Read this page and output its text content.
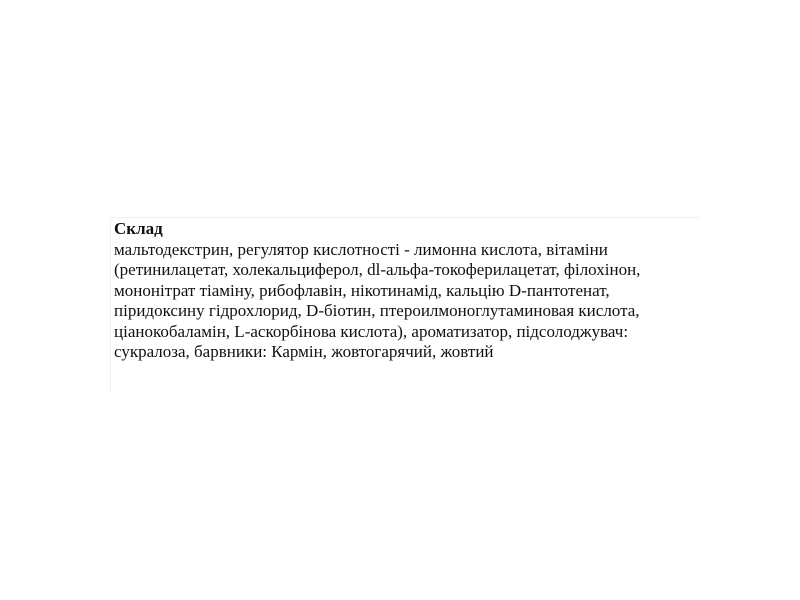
Склад
мальтодекстрин, регулятор кислотності - лимонна кислота, вітаміни
(ретинилацетат, холекальциферол, dl-альфа-токоферилацетат, філохінон,
мононітрат тіаміну, рибофлавін, нікотинамід, кальцію D-пантотенат,
піридоксину гідрохлорид, D-біотин, птероилмоноглутаминовая кислота,
ціанокобаламін, L-аскорбінова кислота), ароматизатор, підсолоджувач:
сукралоза, барвники: Кармін, жовтогарячий, жовтий
